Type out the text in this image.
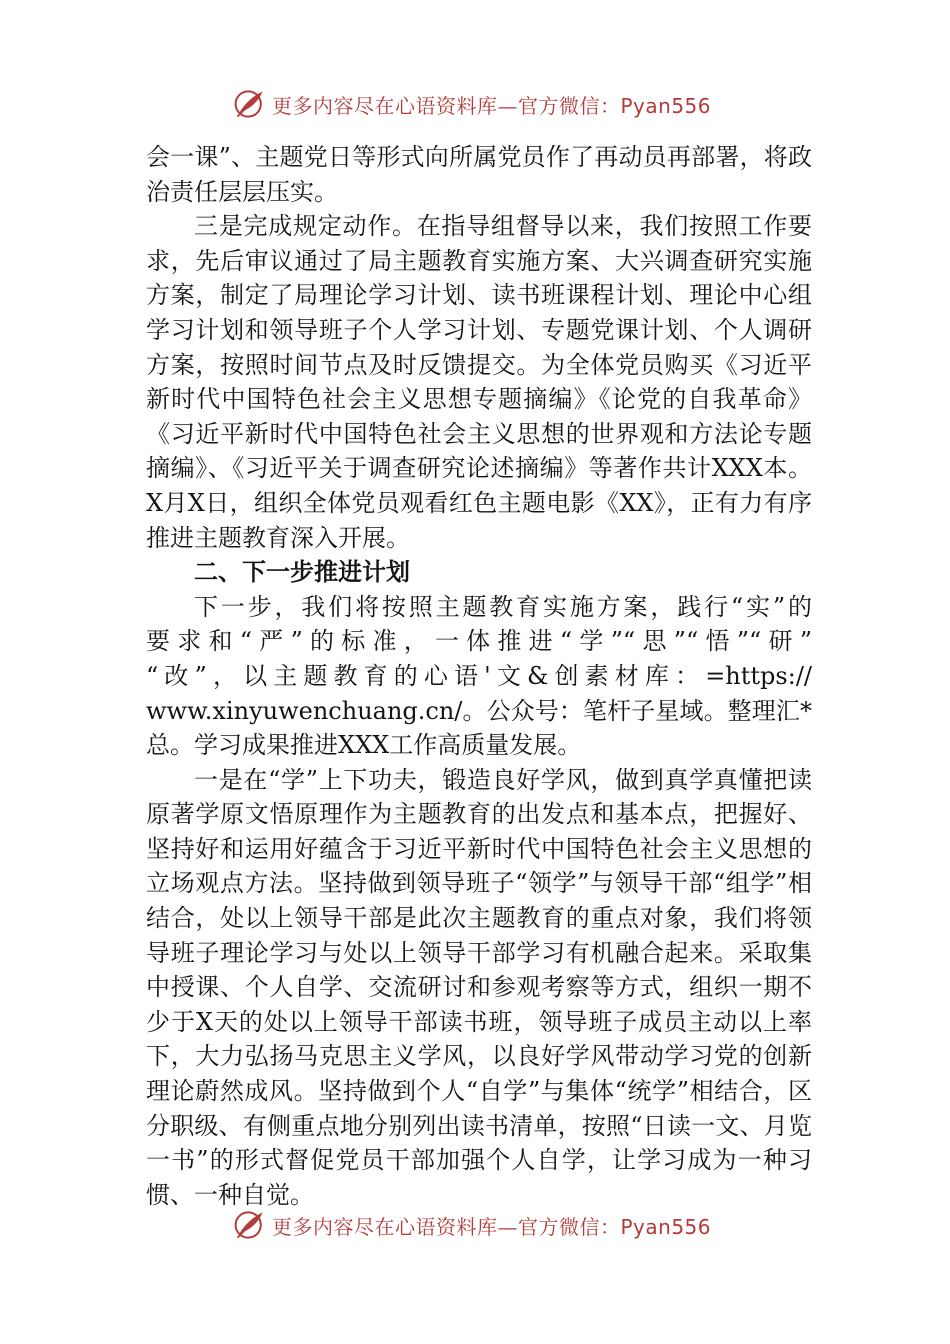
更多内容尽在心语资料库—官方微信：Pyan556

会一课”、主题党日等形式向所属党员作了再动员再部署，将政治责任层层压实。

三是完成规定动作。在指导组督导以来，我们按照工作要求，先后审议通过了局主题教育实施方案、大兴调查研究实施方案，制定了局理论学习计划、读书班课程计划、理论中心组学习计划和领导班子个人学习计划、专题党课计划、个人调研方案，按照时间节点及时反馈提交。为全体党员购买《习近平新时代中国特色社会主义思想专题摘编》《论党的自我革命》《习近平新时代中国特色社会主义思想的世界观和方法论专题摘编》、《习近平关于调查研究论述摘编》等著作共计XXX本。X月X日，组织全体党员观看红色主题电影《XX》，正有力有序推进主题教育深入开展。

二、下一步推进计划

下一步，我们将按照主题教育实施方案，践行“实”的

要求和“严”的标准，一体推进“学”“思”“悟”“研”

“改”，以主题教育的心语'文&创素材库：=https://

www.xinyuwenchuang.cn/。公众号：笔杆子星域。整理汇*总。学习成果推进XXX工作高质量发展。

一是在“学”上下功夫，锻造良好学风，做到真学真懂把读原著学原文悟原理作为主题教育的出发点和基本点，把握好、坚持好和运用好蕴含于习近平新时代中国特色社会主义思想的立场观点方法。坚持做到领导班子“领学”与领导干部“组学”相结合，处以上领导干部是此次主题教育的重点对象，我们将领导班子理论学习与处以上领导干部学习有机融合起来。采取集中授课、个人自学、交流研讨和参观考察等方式，组织一期不少于X天的处以上领导干部读书班，领导班子成员主动以上率下，大力弘扬马克思主义学风，以良好学风带动学习党的创新理论蔚然成风。坚持做到个人“自学”与集体“统学”相结合，区分职级、有侧重点地分别列出读书清单，按照“日读一文、月览一书”的形式督促党员干部加强个人自学，让学习成为一种习惯、一种自觉。

更多内容尽在心语资料库—官方微信：Pyan556
